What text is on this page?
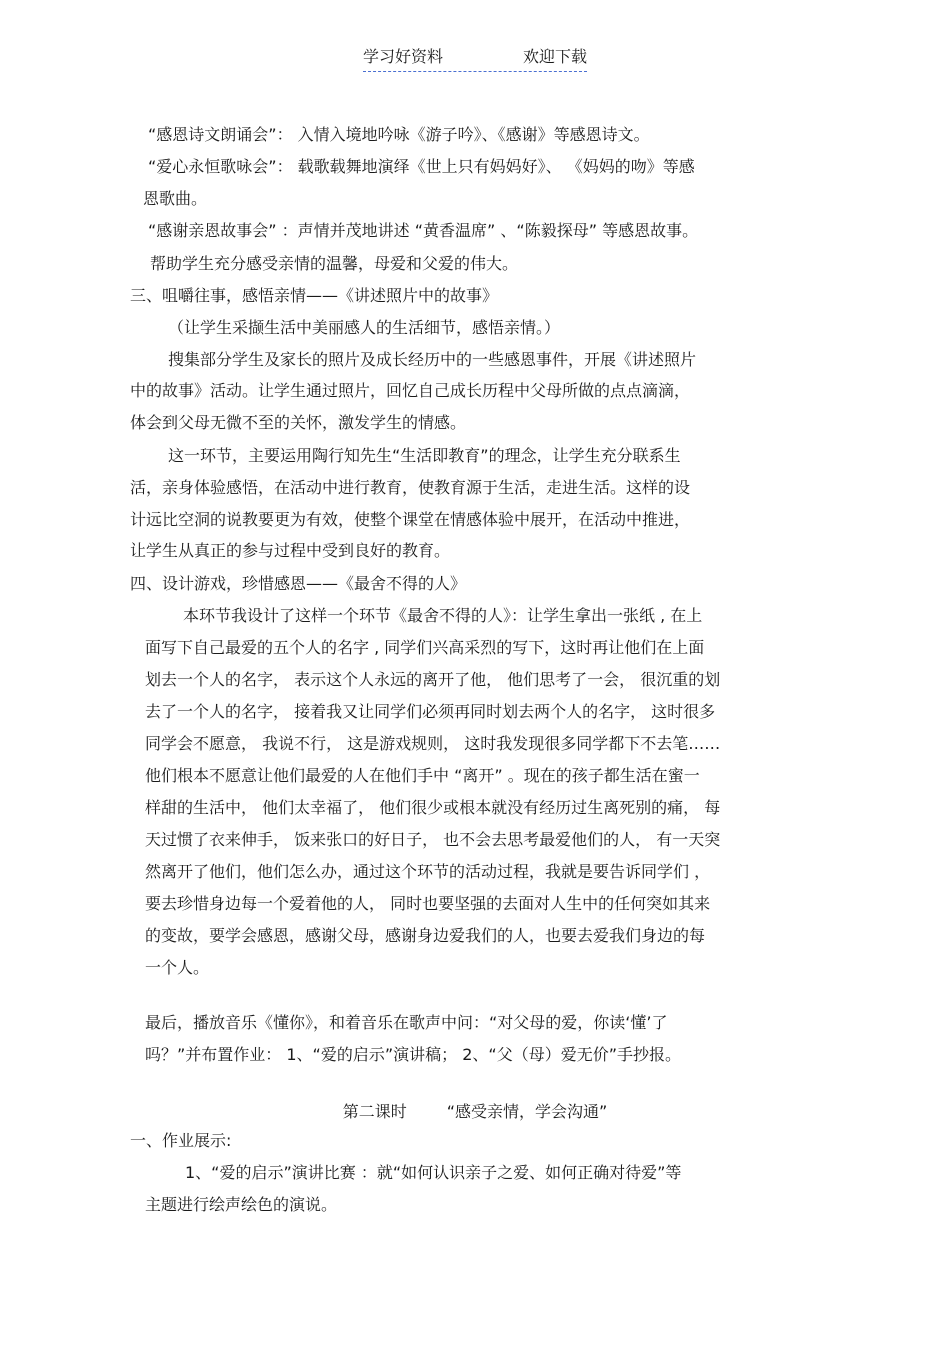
学习好资料	欢迎下载
“感恩诗文朗诵会”： 入情入境地吟咏《游子吟》、《感谢》等感恩诗文。
“爱心永恒歌咏会”： 载歌载舞地演绎《世上只有妈妈好》、 《妈妈的吻》等感
恩歌曲。
“感谢亲恩故事会” ：声情并茂地讲述 “黄香温席” 、“陈毅探母” 等感恩故事。
帮助学生充分感受亲情的温馨，母爱和父爱的伟大。
三、咀嚼往事，感悟亲情——《讲述照片中的故事》
（让学生采撷生活中美丽感人的生活细节，感悟亲情。）
搜集部分学生及家长的照片及成长经历中的一些感恩事件，开展《讲述照片
中的故事》活动。让学生通过照片，回忆自己成长历程中父母所做的点点滴滴，
体会到父母无微不至的关怀，激发学生的情感。
这一环节，主要运用陶行知先生“生活即教育”的理念，让学生充分联系生
活，亲身体验感悟，在活动中进行教育，使教育源于生活，走进生活。这样的设
计远比空洞的说教要更为有效，使整个课堂在情感体验中展开，在活动中推进，
让学生从真正的参与过程中受到良好的教育。
四、设计游戏，珍惜感恩——《最舍不得的人》
本环节我设计了这样一个环节《最舍不得的人》：让学生拿出一张纸 , 在上
面写下自己最爱的五个人的名字 , 同学们兴高采烈的写下，这时再让他们在上面
划去一个人的名字， 表示这个人永远的离开了他， 他们思考了一会， 很沉重的划
去了一个人的名字， 接着我又让同学们必须再同时划去两个人的名字， 这时很多
同学会不愿意， 我说不行， 这是游戏规则， 这时我发现很多同学都下不去笔……
他们根本不愿意让他们最爱的人在他们手中 “离开” 。现在的孩子都生活在蜜一
样甜的生活中， 他们太幸福了， 他们很少或根本就没有经历过生离死别的痛， 每
天过惯了衣来伸手， 饭来张口的好日子， 也不会去思考最爱他们的人， 有一天突
然离开了他们，他们怎么办，通过这个环节的活动过程，我就是要告诉同学们 ，
要去珍惜身边每一个爱着他的人， 同时也要坚强的去面对人生中的任何突如其来
的变故，要学会感恩，感谢父母，感谢身边爱我们的人，也要去爱我们身边的每
一个人。
最后，播放音乐《懂你》，和着音乐在歌声中问：“对父母的爱，你读‘懂’了
吗？”并布置作业： 1、“爱的启示”演讲稿； 2、“父（母）爱无价”手抄报。
第二课时	“感受亲情，学会沟通”
一、作业展示:
1、“爱的启示”演讲比赛 ：就“如何认识亲子之爱、如何正确对待爱”等
主题进行绘声绘色的演说。
